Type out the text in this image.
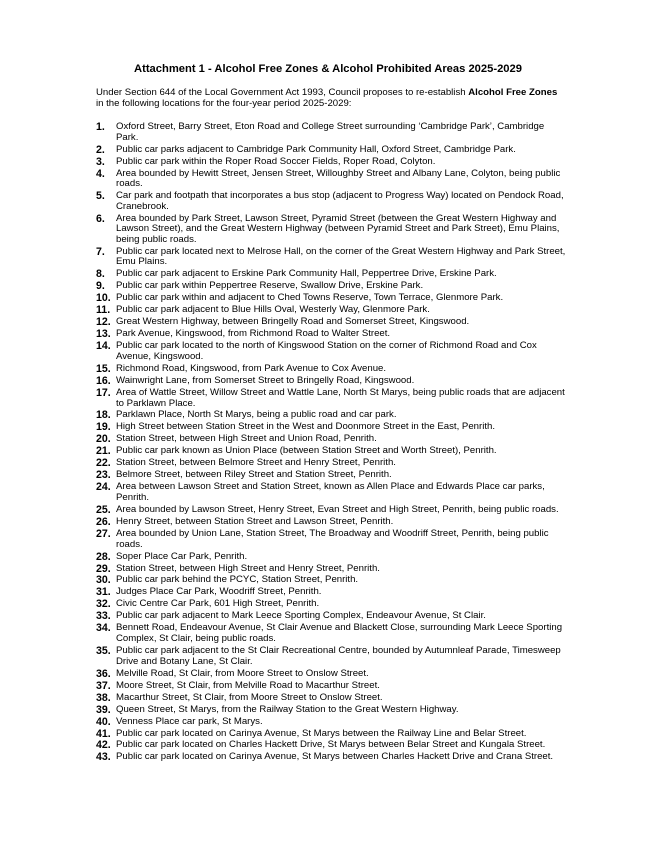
Attachment 1 - Alcohol Free Zones & Alcohol Prohibited Areas 2025-2029
Under Section 644 of the Local Government Act 1993, Council proposes to re-establish Alcohol Free Zones in the following locations for the four-year period 2025-2029:
1.	Oxford Street, Barry Street, Eton Road and College Street surrounding ‘Cambridge Park’, Cambridge Park.
2.	Public car parks adjacent to Cambridge Park Community Hall, Oxford Street, Cambridge Park.
3.	Public car park within the Roper Road Soccer Fields, Roper Road, Colyton.
4.	Area bounded by Hewitt Street, Jensen Street, Willoughby Street and Albany Lane, Colyton, being public roads.
5.	Car park and footpath that incorporates a bus stop (adjacent to Progress Way) located on Pendock Road, Cranebrook.
6.	Area bounded by Park Street, Lawson Street, Pyramid Street (between the Great Western Highway and Lawson Street), and the Great Western Highway (between Pyramid Street and Park Street), Emu Plains, being public roads.
7.	Public car park located next to Melrose Hall, on the corner of the Great Western Highway and Park Street, Emu Plains.
8.	Public car park adjacent to Erskine Park Community Hall, Peppertree Drive, Erskine Park.
9.	Public car park within Peppertree Reserve, Swallow Drive, Erskine Park.
10. Public car park within and adjacent to Ched Towns Reserve, Town Terrace, Glenmore Park.
11. Public car park adjacent to Blue Hills Oval, Westerly Way, Glenmore Park.
12. Great Western Highway, between Bringelly Road and Somerset Street, Kingswood.
13. Park Avenue, Kingswood, from Richmond Road to Walter Street.
14. Public car park located to the north of Kingswood Station on the corner of Richmond Road and Cox Avenue, Kingswood.
15. Richmond Road, Kingswood, from Park Avenue to Cox Avenue.
16. Wainwright Lane, from Somerset Street to Bringelly Road, Kingswood.
17. Area of Wattle Street, Willow Street and Wattle Lane, North St Marys, being public roads that are adjacent to Parklawn Place.
18. Parklawn Place, North St Marys, being a public road and car park.
19. High Street between Station Street in the West and Doonmore Street in the East, Penrith.
20. Station Street, between High Street and Union Road, Penrith.
21. Public car park known as Union Place (between Station Street and Worth Street), Penrith.
22. Station Street, between Belmore Street and Henry Street, Penrith.
23. Belmore Street, between Riley Street and Station Street, Penrith.
24. Area between Lawson Street and Station Street, known as Allen Place and Edwards Place car parks, Penrith.
25. Area bounded by Lawson Street, Henry Street, Evan Street and High Street, Penrith, being public roads.
26. Henry Street, between Station Street and Lawson Street, Penrith.
27. Area bounded by Union Lane, Station Street, The Broadway and Woodriff Street, Penrith, being public roads.
28. Soper Place Car Park, Penrith.
29. Station Street, between High Street and Henry Street, Penrith.
30. Public car park behind the PCYC, Station Street, Penrith.
31. Judges Place Car Park, Woodriff Street, Penrith.
32. Civic Centre Car Park, 601 High Street, Penrith.
33. Public car park adjacent to Mark Leece Sporting Complex, Endeavour Avenue, St Clair.
34. Bennett Road, Endeavour Avenue, St Clair Avenue and Blackett Close, surrounding Mark Leece Sporting Complex, St Clair, being public roads.
35. Public car park adjacent to the St Clair Recreational Centre, bounded by Autumnleaf Parade, Timesweep Drive and Botany Lane, St Clair.
36. Melville Road, St Clair, from Moore Street to Onslow Street.
37. Moore Street, St Clair, from Melville Road to Macarthur Street.
38. Macarthur Street, St Clair, from Moore Street to Onslow Street.
39. Queen Street, St Marys, from the Railway Station to the Great Western Highway.
40. Venness Place car park, St Marys.
41. Public car park located on Carinya Avenue, St Marys between the Railway Line and Belar Street.
42. Public car park located on Charles Hackett Drive, St Marys between Belar Street and Kungala Street.
43. Public car park located on Carinya Avenue, St Marys between Charles Hackett Drive and Crana Street.
